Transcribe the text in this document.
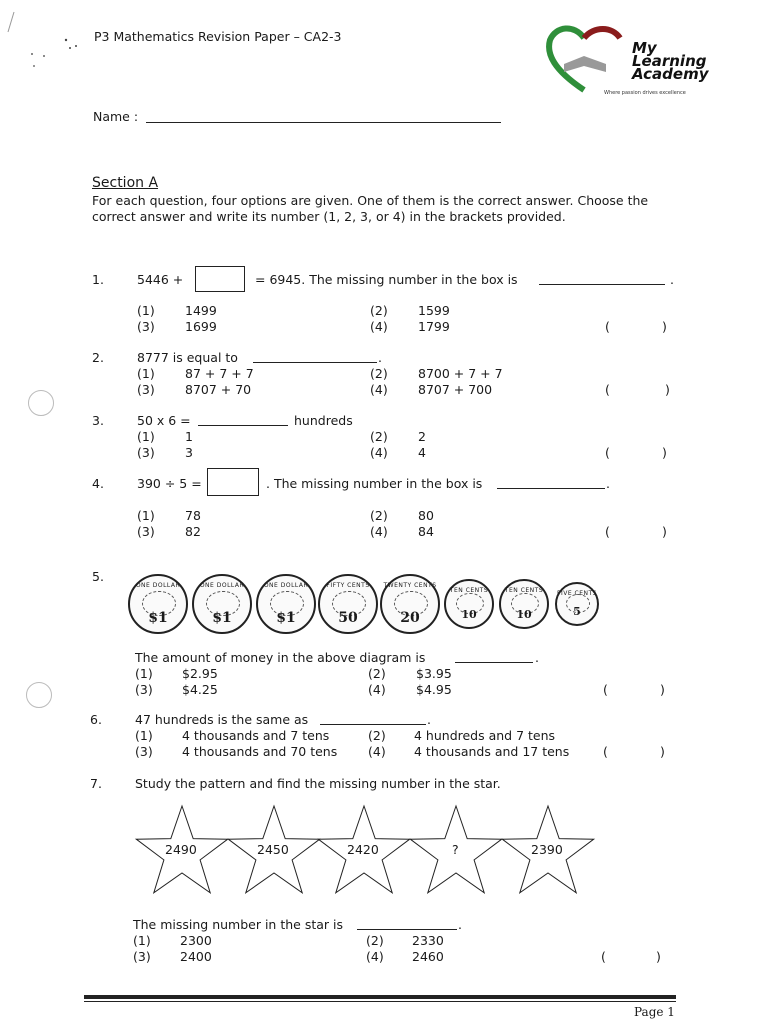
P3 Mathematics Revision Paper – CA2-3
My
Learning
Academy
Where passion drives excellence
Name :
Section A
For each question, four options are given. One of them is the correct answer. Choose the
correct answer and write its number (1, 2, 3, or 4) in the brackets provided.
1.	5446 +	= 6945. The missing number in the box is	.
(1) 1499	(2) 1599
(3) 1699	(4) 1799	(	)
2.	8777 is equal to	.
(1) 87 + 7 + 7	(2) 8700 + 7 + 7
(3) 8707 + 70	(4) 8707 + 700	(	)
3.	50 x 6 =	hundreds
(1) 1	(2) 2
(3) 3	(4) 4	(	)
4.	390 ÷ 5 =	. The missing number in the box is	.
(1) 78	(2) 80
(3) 82	(4) 84	(	)
5.
ONE DOLLAR
$1
ONE DOLLAR
$1
ONE DOLLAR
$1
FIFTY CENTS
50
TWENTY CENTS
20
TEN CENTS
10
TEN CENTS
10
FIVE CENTS
5
The amount of money in the above diagram is	.
(1) $2.95	(2) $3.95
(3) $4.25	(4) $4.95	(	)
6.	47 hundreds is the same as	.
(1) 4 thousands and 7 tens	(2) 4 hundreds and 7 tens
(3) 4 thousands and 70 tens (4) 4 thousands and 17 tens	(	)
7.	Study the pattern and find the missing number in the star.
2490	2450	2420	?	2390
The missing number in the star is	.
(1) 2300	(2) 2330
(3) 2400	(4) 2460	(	)
Page 1
